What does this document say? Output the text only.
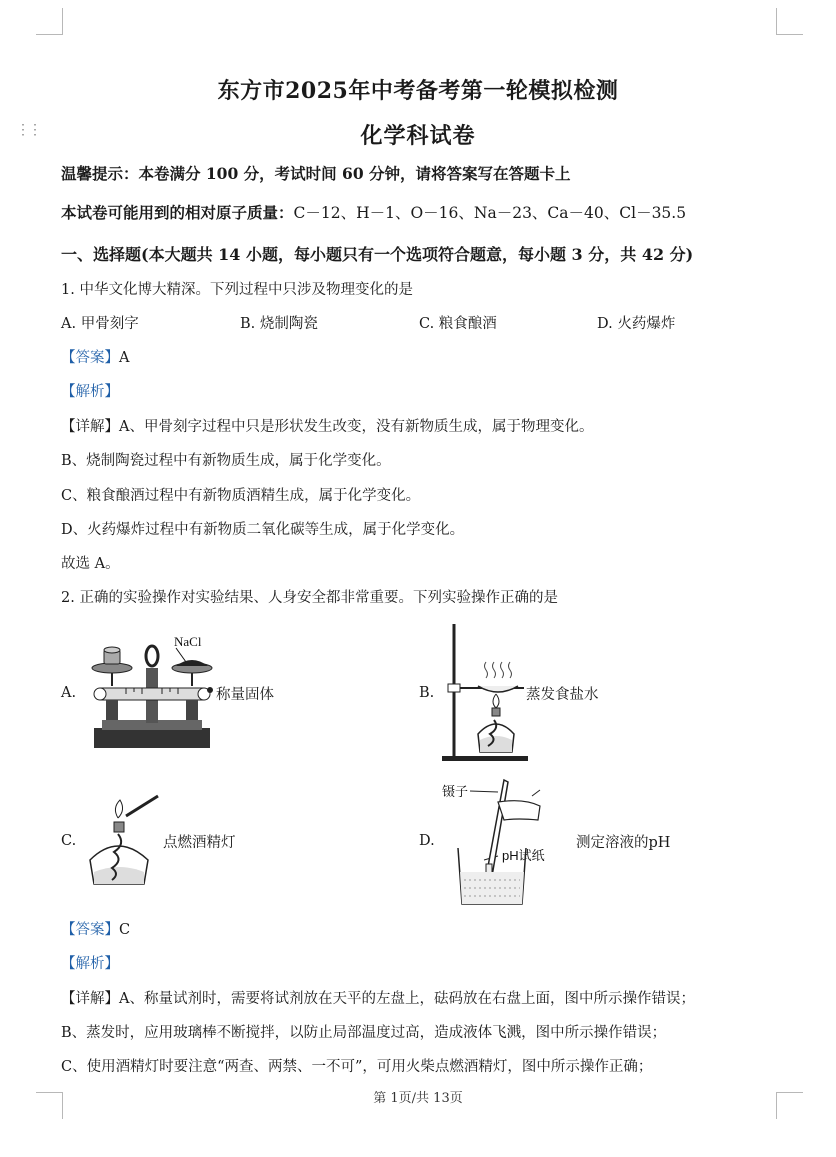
⋮⋮
东方市2025年中考备考第一轮模拟检测
化学科试卷
温馨提示：本卷满分 100 分，考试时间 60 分钟，请将答案写在答题卡上
本试卷可能用到的相对原子质量：C－12、H－1、O－16、Na－23、Ca－40、Cl－35.5
一、选择题(本大题共 14 小题，每小题只有一个选项符合题意，每小题 3 分，共 42 分)
1. 中华文化博大精深。下列过程中只涉及物理变化的是
A. 甲骨刻字	B. 烧制陶瓷	C. 粮食酿酒	D. 火药爆炸
【答案】A
【解析】
【详解】A、甲骨刻字过程中只是形状发生改变，没有新物质生成，属于物理变化。
B、烧制陶瓷过程中有新物质生成，属于化学变化。
C、粮食酿酒过程中有新物质酒精生成，属于化学变化。
D、火药爆炸过程中有新物质二氧化碳等生成，属于化学变化。
故选 A。
2. 正确的实验操作对实验结果、人身安全都非常重要。下列实验操作正确的是
A.
NaCl
称量固体	B.	蒸发食盐水
C.	点燃酒精灯	D.
镊子
pH试纸
测定溶液的pH
【答案】C
【解析】
【详解】A、称量试剂时，需要将试剂放在天平的左盘上，砝码放在右盘上面，图中所示操作错误；
B、蒸发时，应用玻璃棒不断搅拌，以防止局部温度过高，造成液体飞溅，图中所示操作错误；
C、使用酒精灯时要注意“两查、两禁、一不可”，可用火柴点燃酒精灯，图中所示操作正确；
第 1页/共 13页
